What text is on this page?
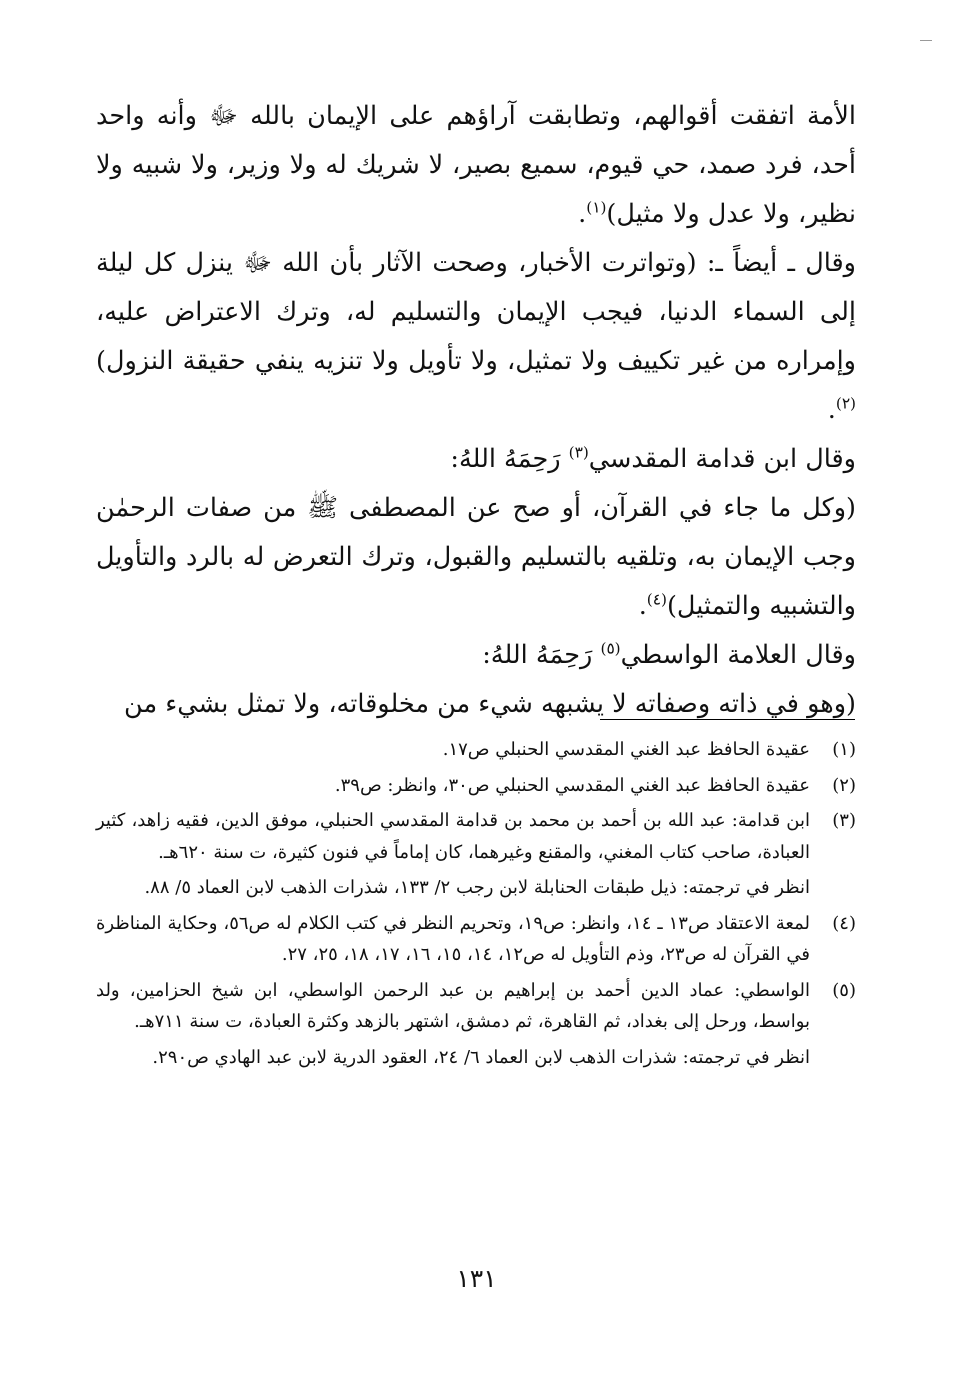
الأمة اتفقت أقوالهم، وتطابقت آراؤهم على الإيمان بالله ﷻ وأنه واحد أحد، فرد صمد، حي قيوم، سميع بصير، لا شريك له ولا وزير، ولا شبيه ولا نظير، ولا عدل ولا مثيل)$^{(١)}$.

وقال ـ أيضاً ـ: (وتواترت الأخبار، وصحت الآثار بأن الله ﷻ ينزل كل ليلة إلى السماء الدنيا، فيجب الإيمان والتسليم له، وترك الاعتراض عليه، وإمراره من غير تكييف ولا تمثيل، ولا تأويل ولا تنزيه ينفي حقيقة النزول)$^{(٢)}$.

وقال ابن قدامة المقدسي$^{(٣)}$ رَحِمَهُ اللهُ:

(وكل ما جاء في القرآن، أو صح عن المصطفى ﷺ من صفات الرحمٰن وجب الإيمان به، وتلقيه بالتسليم والقبول، وترك التعرض له بالرد والتأويل والتشبيه والتمثيل)$^{(٤)}$.

وقال العلامة الواسطي$^{(٥)}$ رَحِمَهُ اللهُ:

(وهو في ذاته وصفاته لا يشبهه شيء من مخلوقاته، ولا تمثل بشيء من

(١)

عقيدة الحافظ عبد الغني المقدسي الحنبلي ص١٧.

(٢)

عقيدة الحافظ عبد الغني المقدسي الحنبلي ص٣٠، وانظر: ص٣٩.

(٣)

ابن قدامة: عبد الله بن أحمد بن محمد بن قدامة المقدسي الحنبلي، موفق الدين، فقيه زاهد، كثير العبادة، صاحب كتاب المغني، والمقنع وغيرهما، كان إماماً في فنون كثيرة، ت سنة ٦٢٠هـ.

انظر في ترجمته: ذيل طبقات الحنابلة لابن رجب ٢/ ١٣٣، شذرات الذهب لابن العماد ٥/ ٨٨.

(٤)

لمعة الاعتقاد ص١٣ ـ ١٤، وانظر: ص١٩، وتحريم النظر في كتب الكلام له ص٥٦، وحكاية المناظرة في القرآن له ص٢٣، وذم التأويل له ص١٢، ١٤، ١٥، ١٦، ١٧، ١٨، ٢٥، ٢٧.

(٥)

الواسطي: عماد الدين أحمد بن إبراهيم بن عبد الرحمن الواسطي، ابن شيخ الحزامين، ولد بواسط، ورحل إلى بغداد، ثم القاهرة، ثم دمشق، اشتهر بالزهد وكثرة العبادة، ت سنة ٧١١هـ.

انظر في ترجمته: شذرات الذهب لابن العماد ٦/ ٢٤، العقود الدرية لابن عبد الهادي ص٢٩٠.

١٣١
